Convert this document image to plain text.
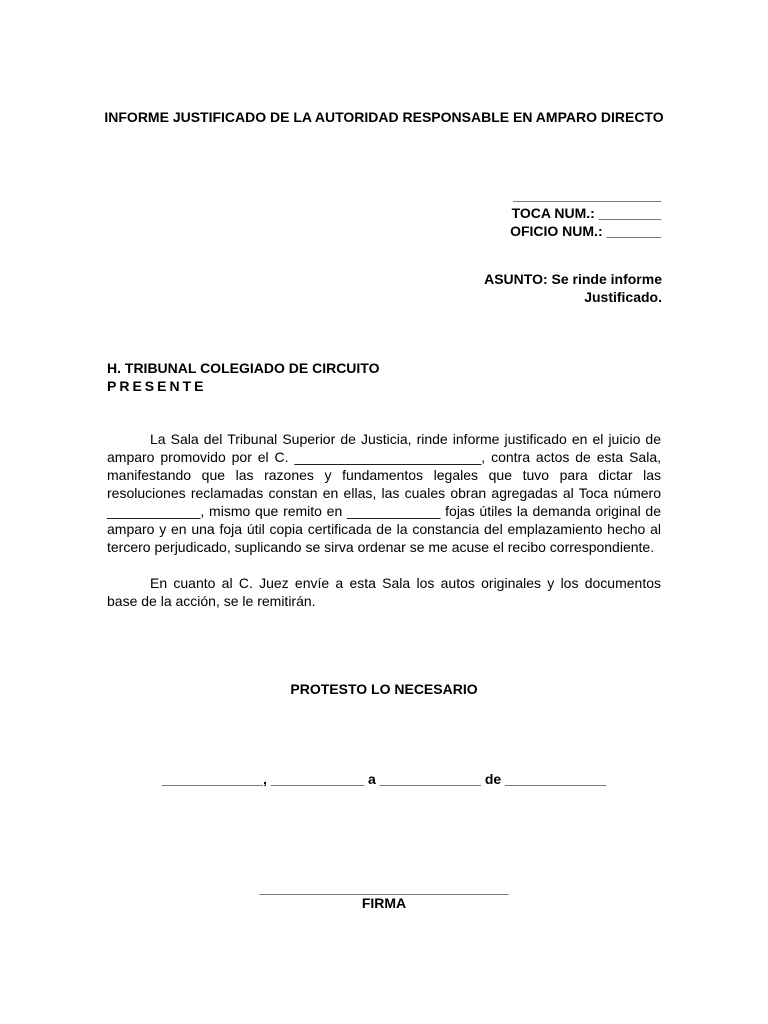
INFORME JUSTIFICADO DE LA AUTORIDAD RESPONSABLE EN AMPARO DIRECTO
___________________
TOCA NUM.: ________
OFICIO NUM.: _______
ASUNTO: Se rinde informe
Justificado.
H. TRIBUNAL COLEGIADO DE CIRCUITO
PRESENTE

La Sala del Tribunal Superior de Justicia, rinde informe justificado en el juicio de amparo promovido por el C. ________________________, contra actos de esta Sala, manifestando que las razones y fundamentos legales que tuvo para dictar las resoluciones reclamadas constan en ellas, las cuales obran agregadas al Toca número ____________, mismo que remito en ____________ fojas útiles la demanda original de amparo y en una foja útil copia certificada de la constancia del emplazamiento hecho al tercero perjudicado, suplicando se sirva ordenar se me acuse el recibo correspondiente.

En cuanto al C. Juez envíe a esta Sala los autos originales y los documentos base de la acción, se le remitirán.

PROTESTO LO NECESARIO
_____________, ____________ a _____________ de _____________
________________________________
FIRMA
